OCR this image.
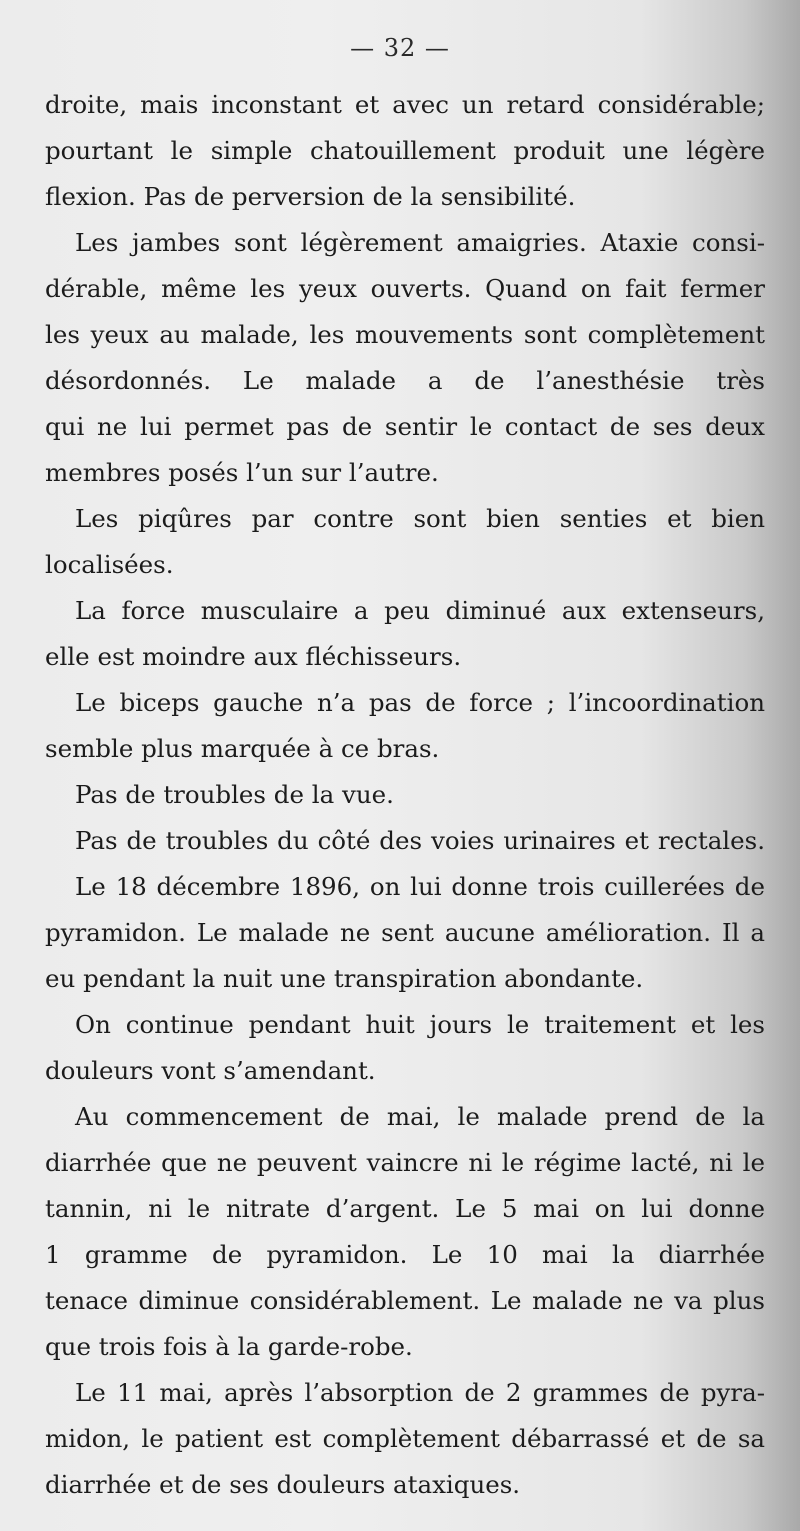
— 32 —
droite, mais inconstant et avec un retard considérable;
pourtant le simple chatouillement produit une légère
flexion. Pas de perversion de la sensibilité.
Les jambes sont légèrement amaigries. Ataxie consi-
dérable, même les yeux ouverts. Quand on fait fermer
les yeux au malade, les mouvements sont complètement
désordonnés. Le malade a de l’anesthésie très
qui ne lui permet pas de sentir le contact de ses deux
membres posés l’un sur l’autre.
Les piqûres par contre sont bien senties et bien
localisées.
La force musculaire a peu diminué aux extenseurs,
elle est moindre aux fléchisseurs.
Le biceps gauche n’a pas de force ; l’incoordination
semble plus marquée à ce bras.
Pas de troubles de la vue.
Pas de troubles du côté des voies urinaires et rectales.
Le 18 décembre 1896, on lui donne trois cuillerées de
pyramidon. Le malade ne sent aucune amélioration. Il a
eu pendant la nuit une transpiration abondante.
On continue pendant huit jours le traitement et les
douleurs vont s’amendant.
Au commencement de mai, le malade prend de la
diarrhée que ne peuvent vaincre ni le régime lacté, ni le
tannin, ni le nitrate d’argent. Le 5 mai on lui donne
1 gramme de pyramidon. Le 10 mai la diarrhée
tenace diminue considérablement. Le malade ne va plus
que trois fois à la garde-robe.
Le 11 mai, après l’absorption de 2 grammes de pyra-
midon, le patient est complètement débarrassé et de sa
diarrhée et de ses douleurs ataxiques.
